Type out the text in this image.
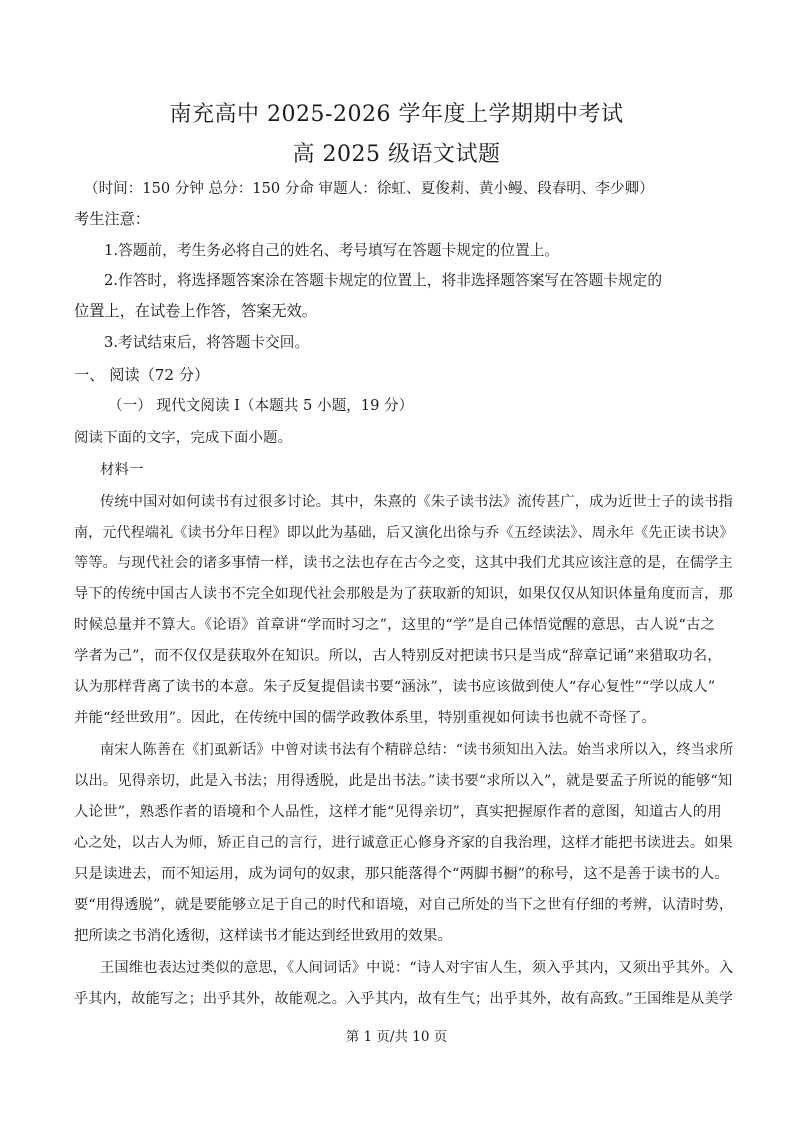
南充高中 2025-2026 学年度上学期期中考试
高 2025 级语文试题
（时间：150 分钟 总分：150 分命 审题人：徐虹、夏俊莉、黄小鳗、段春明、李少卿）
考生注意：
1.答题前，考生务必将自己的姓名、考号填写在答题卡规定的位置上。
2.作答时，将选择题答案涂在答题卡规定的位置上，将非选择题答案写在答题卡规定的
位置上，在试卷上作答，答案无效。
3.考试结束后，将答题卡交回。
一、 阅读（72 分）
（一） 现代文阅读 I（本题共 5 小题，19 分）
阅读下面的文字，完成下面小题。
材料一
传统中国对如何读书有过很多讨论。其中，朱熹的《朱子读书法》流传甚广，成为近世士子的读书指
南，元代程端礼《读书分年日程》即以此为基础，后又演化出徐与乔《五经读法》、周永年《先正读书诀》
等等。与现代社会的诸多事情一样，读书之法也存在古今之变，这其中我们尤其应该注意的是，在儒学主
导下的传统中国古人读书不完全如现代社会那般是为了获取新的知识，如果仅仅从知识体量角度而言，那
时候总量并不算大。《论语》首章讲“学而时习之”，这里的“学”是自己体悟觉醒的意思，古人说“古之
学者为己”，而不仅仅是获取外在知识。所以，古人特别反对把读书只是当成“辞章记诵”来猎取功名，
认为那样背离了读书的本意。朱子反复提倡读书要“涵泳”，读书应该做到使人“存心复性”“学以成人”
并能“经世致用”。因此，在传统中国的儒学政教体系里，特别重视如何读书也就不奇怪了。
南宋人陈善在《扪虱新话》中曾对读书法有个精辟总结：“读书须知出入法。始当求所以入，终当求所
以出。见得亲切，此是入书法；用得透脱，此是出书法。”读书要“求所以入”，就是要孟子所说的能够“知
人论世”，熟悉作者的语境和个人品性，这样才能“见得亲切”，真实把握原作者的意图，知道古人的用
心之处，以古人为师，矫正自己的言行，进行诚意正心修身齐家的自我治理，这样才能把书读进去。如果
只是读进去，而不知运用，成为词句的奴隶，那只能落得个“两脚书橱”的称号，这不是善于读书的人。
要“用得透脱”，就是要能够立足于自己的时代和语境，对自己所处的当下之世有仔细的考辨，认清时势，
把所读之书消化透彻，这样读书才能达到经世致用的效果。
王国维也表达过类似的意思，《人间词话》中说：“诗人对宇宙人生，须入乎其内，又须出乎其外。入
乎其内，故能写之；出乎其外，故能观之。入乎其内，故有生气；出乎其外，故有高致。”王国维是从美学
第 1 页/共 10 页
